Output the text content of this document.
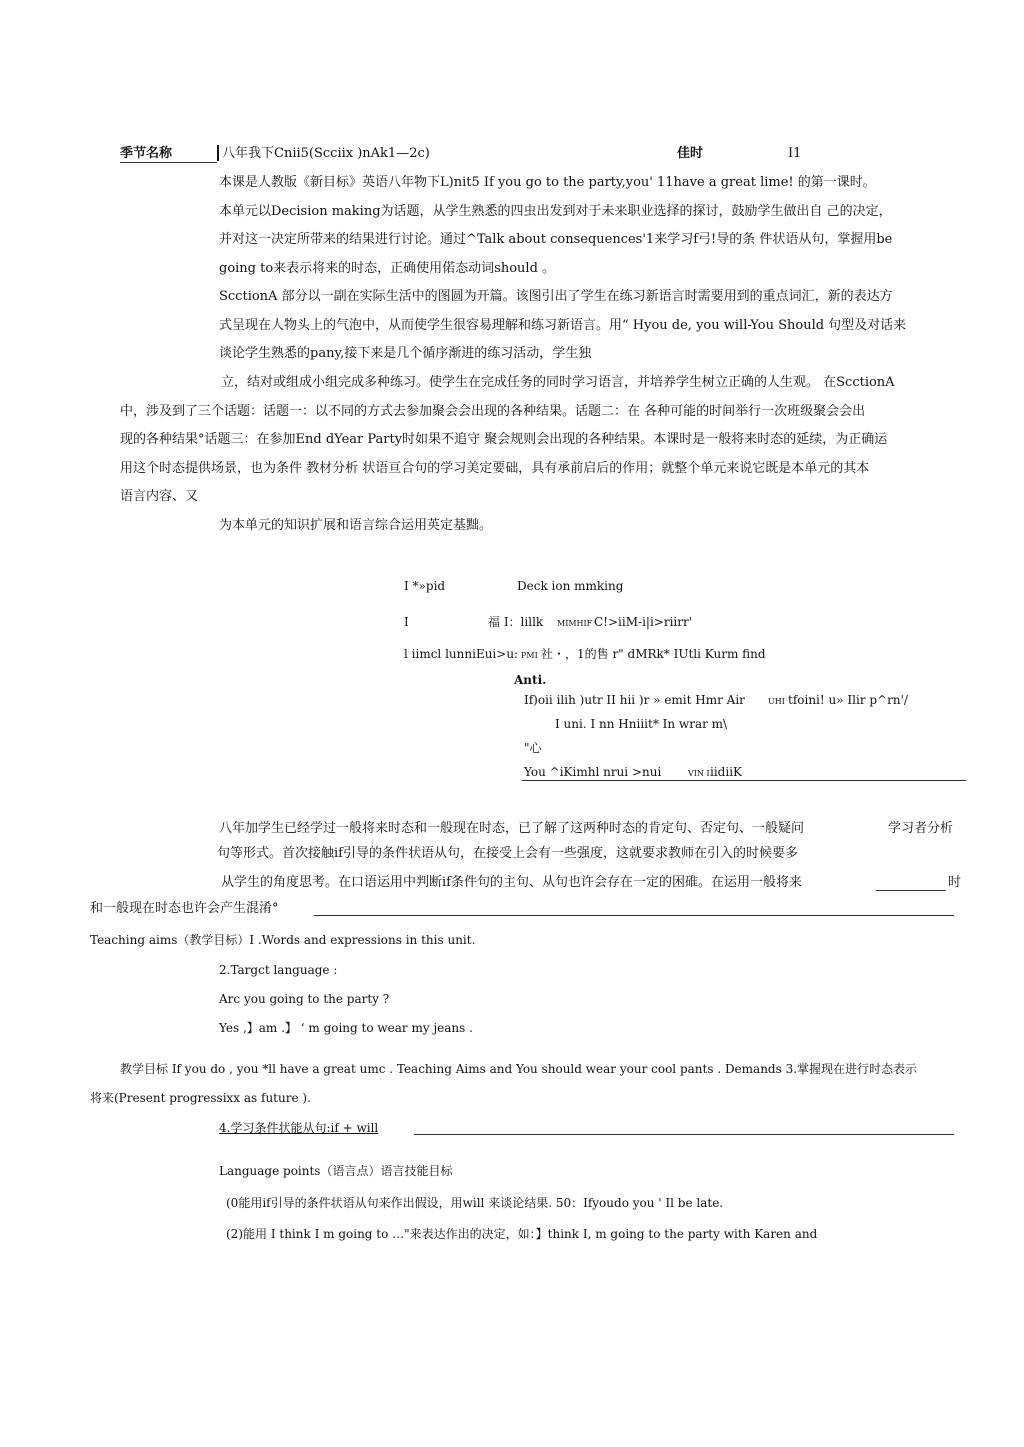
季节名称	八年我下Cnii5(Scciix )nAk1—2c)	佳时	I1
本课是人教版《新目标》英语八年物下L)nit5 If you go to the party,you' 11have a great lime! 的第一课时。
本单元以Decision making为话题，从学生熟悉的四虫出发到对于未来职业选择的探讨，鼓励学生做出自 己的决定，
并对这一决定所带来的结果进行讨论。通过^Talk about consequences'1来学习f弓!导的条 件状语从句，掌握用be
going to来表示将来的时态，正确使用偌态动词should 。
ScctionA 部分以一副在实际生活中的图圆为开篇。该图引出了学生在练习新语言时需要用到的重点词汇，新的表达方
式呈现在人物头上的气泡中，从而使学生很容易理解和练习新语言。用“ Hyou de, you will-You Should 句型及对话来
谈论学生熟悉的pany,接下来是几个循序渐进的练习活动，学生独
立，结对或组成小组完成多种练习。使学生在完成任务的同时学习语言，并培养学生树立正确的人生观。 在ScctionA
中，涉及到了三个话题：话题一：以不同的方式去参加聚会会出现的各种结果。话题二：在 各种可能的时间举行一次班级聚会会出
现的各种结果°话题三：在参加End dYear Party时如果不追守 聚会规则会出现的各种结果。本课时是一般将来时态的延续，为正确运
用这个时态提供场景，也为条件 教材分析 状语亘合句的学习美定要础，具有承前启后的作用；就整个单元来说它既是本单元的其本
语言内容、又
为本单元的知识扩展和语言综合运用英定基黜。
I *»pid	Deck ion mmking
I	福 I：lillk MIMHIF C!>iiM-i|i>riirr'
l iimcl lunniEui>u: PMI 社・，1的售 r" dMRk* IUtli Kurm find
Anti.
If)oii ilih )utr II hii )r » emit Hmr Air	UHI tfoini! u» Ilir p^rn'/
I uni. I nn Hniiit* In wrar m\
"心
You ^iKimhl nrui >nui	VIN I iidiiK
八年加学生已经学过一般将来时态和一般现在时态，已了解了这两种时态的肯定句、否定句、一般疑问	学习者分析
句等形式。首次接触if引导的条件状语从句，在接受上会有一些强度，这就要求教师在引入的时候要多
从学生的角度思考。在口语运用中判断if条件句的主句、从句也许会存在一定的困碓。在运用一般将来	时
和一般现在时态也许会产生混淆°
Teaching aims（教学目标）I .Words and expressions in this unit.
2.Targct language :
Arc you going to the party ?
Yes ,】am .】 ‘ m going to wear my jeans .
教学目标 If you do , you *ll have a great umc . Teaching Aims and You should wear your cool pants . Demands 3.掌握现在进行时态表示
将来(Present progressixx as future ).
4.学习条件状能从句:if + will
Language points（语言点）语言技能目标
(0能用if引导的条件状语从句来作出假设，用will 来谈论结果. 50：Ifyoudo you ' Il be late.
(2)能用 I think I m going to …"来表达作出的决定，如：】think I, m going to the party with Karen and
